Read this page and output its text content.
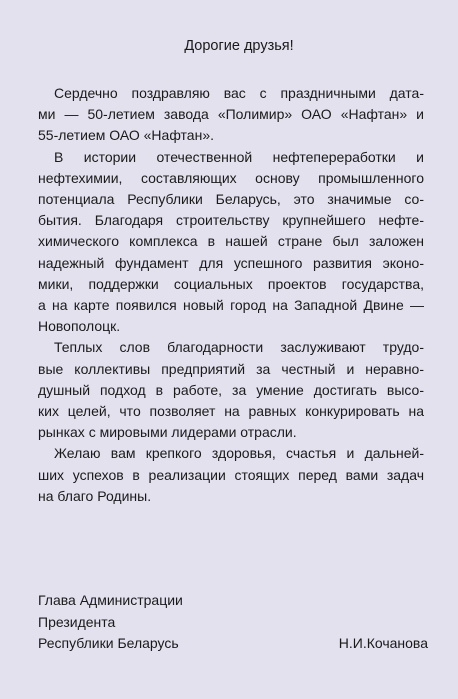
Дорогие друзья!

Сердечно поздравляю вас с праздничными дата-
ми — 50-летием завода «Полимир» ОАО «Нафтан» и
55-летием ОАО «Нафтан».

В истории отечественной нефтепереработки и
нефтехимии, составляющих основу промышленного
потенциала Республики Беларусь, это значимые со-
бытия. Благодаря строительству крупнейшего нефте-
химического комплекса в нашей стране был заложен
надежный фундамент для успешного развития эконо-
мики, поддержки социальных проектов государства,
а на карте появился новый город на Западной Двине —
Новополоцк.

Теплых слов благодарности заслуживают трудо-
вые коллективы предприятий за честный и неравно-
душный подход в работе, за умение достигать высо-
ких целей, что позволяет на равных конкурировать на
рынках с мировыми лидерами отрасли.

Желаю вам крепкого здоровья, счастья и дальней-
ших успехов в реализации стоящих перед вами задач
на благо Родины.

Глава Администрации
Президента
Республики Беларусь	Н.И.Кочанова
